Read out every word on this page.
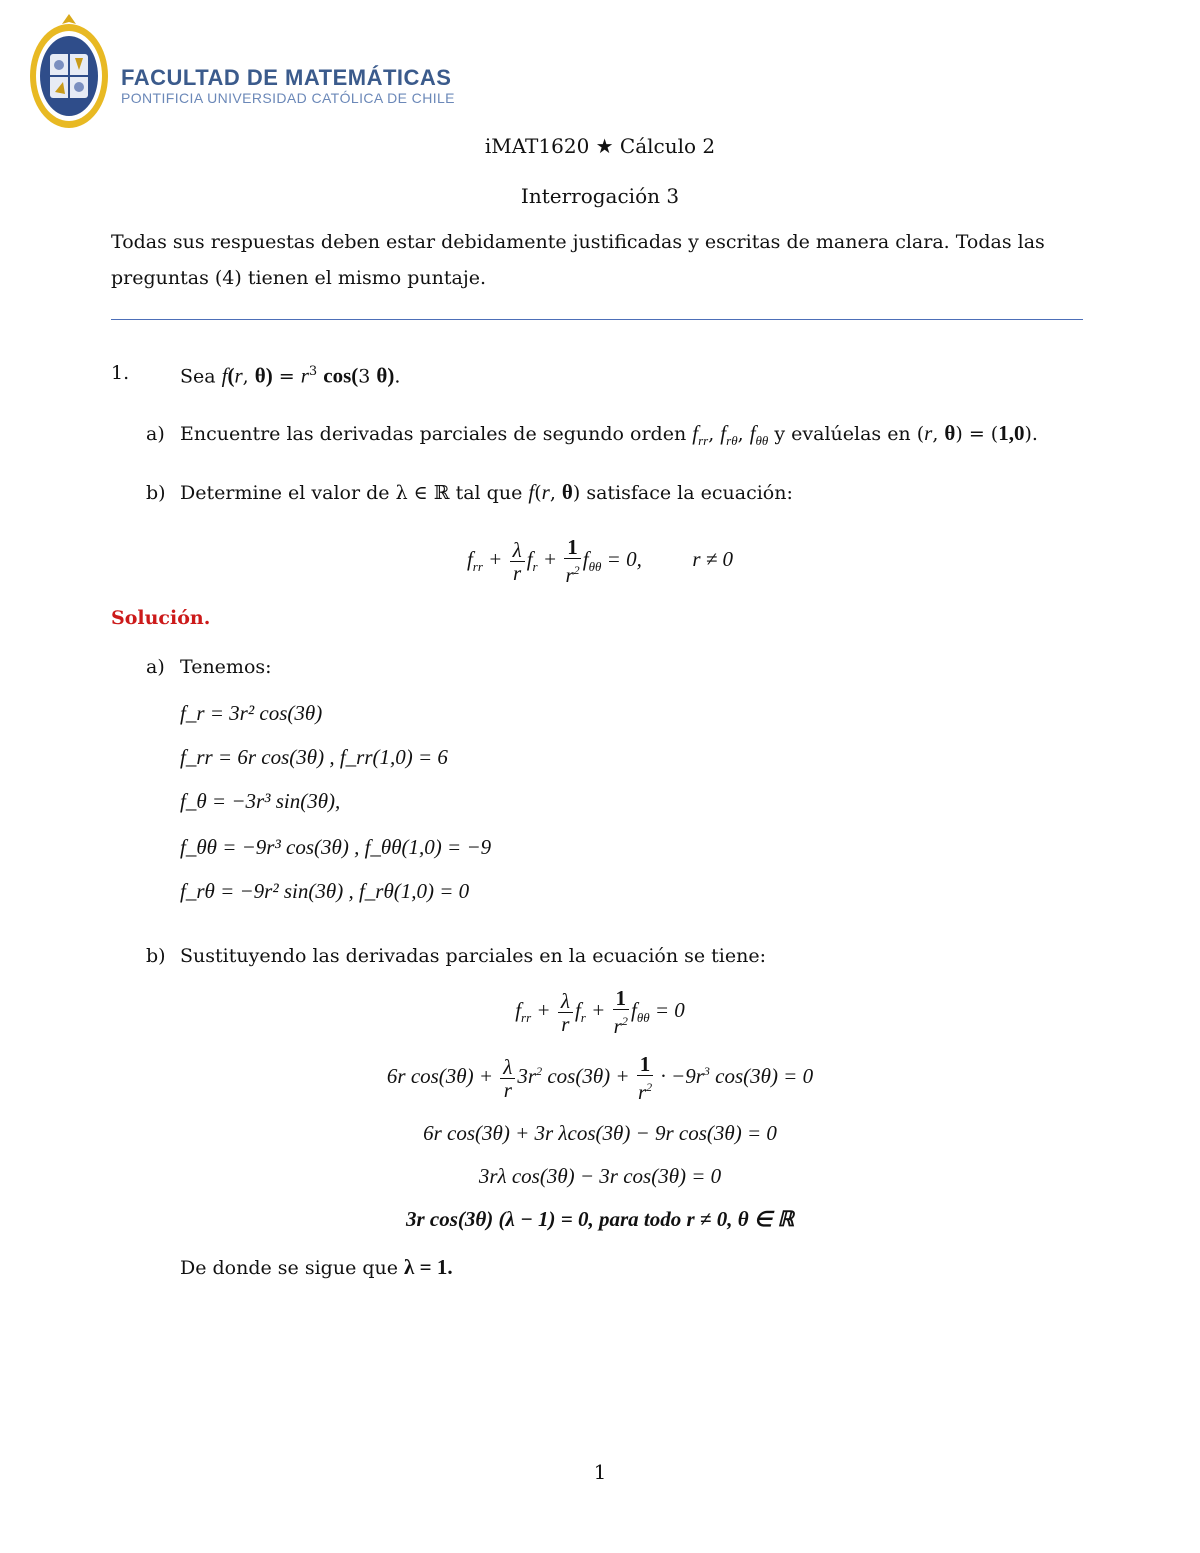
FACULTAD DE MATEMÁTICAS
PONTIFICIA UNIVERSIDAD CATÓLICA DE CHILE
iMAT1620 ★ Cálculo 2
Interrogación 3
Todas sus respuestas deben estar debidamente justificadas y escritas de manera clara. Todas las
preguntas (4) tienen el mismo puntaje.
1.	Sea f(r, $\theta) = r^3$ cos(3 θ).
a) Encuentre las derivadas parciales de segundo orden $f_{rr}$, $f_{r\theta}$, $f_{\theta\theta}$ y evalúelas en (r, θ) = (1,0).
b) Determine el valor de λ ∈ ℝ tal que f(r, θ) satisface la ecuación:
$f_{rr} + \frac{\lambda}{r} f_r + \frac{1}{r^2} f_{\theta\theta} = 0$,  r ≠ 0
Solución.
a) Tenemos:
f_r = 3r² cos(3θ)
f_rr = 6r cos(3θ) , f_rr(1,0) = 6
f_θ = −3r³ sin(3θ),
f_θθ = −9r³ cos(3θ) , f_θθ(1,0) = −9
f_rθ = −9r² sin(3θ) , f_rθ(1,0) = 0
b) Sustituyendo las derivadas parciales en la ecuación se tiene:
$f_{rr} + \frac{\lambda}{r} f_r + \frac{1}{r^2} f_{\theta\theta} = 0$
6r $\cos(3\theta) + \frac{\lambda}{r} 3r^2$ $\cos(3\theta) + \frac{1}{r^2} \cdot -9r^3$ cos(3θ) = 0
6r cos(3θ) + 3r λcos(3θ) − 9r cos(3θ) = 0
3rλ cos(3θ) − 3r cos(3θ) = 0
3r cos(3θ) (λ − 1) = 0, para todo r ≠ 0, θ ∈ ℝ
De donde se sigue que λ = 1.
1
